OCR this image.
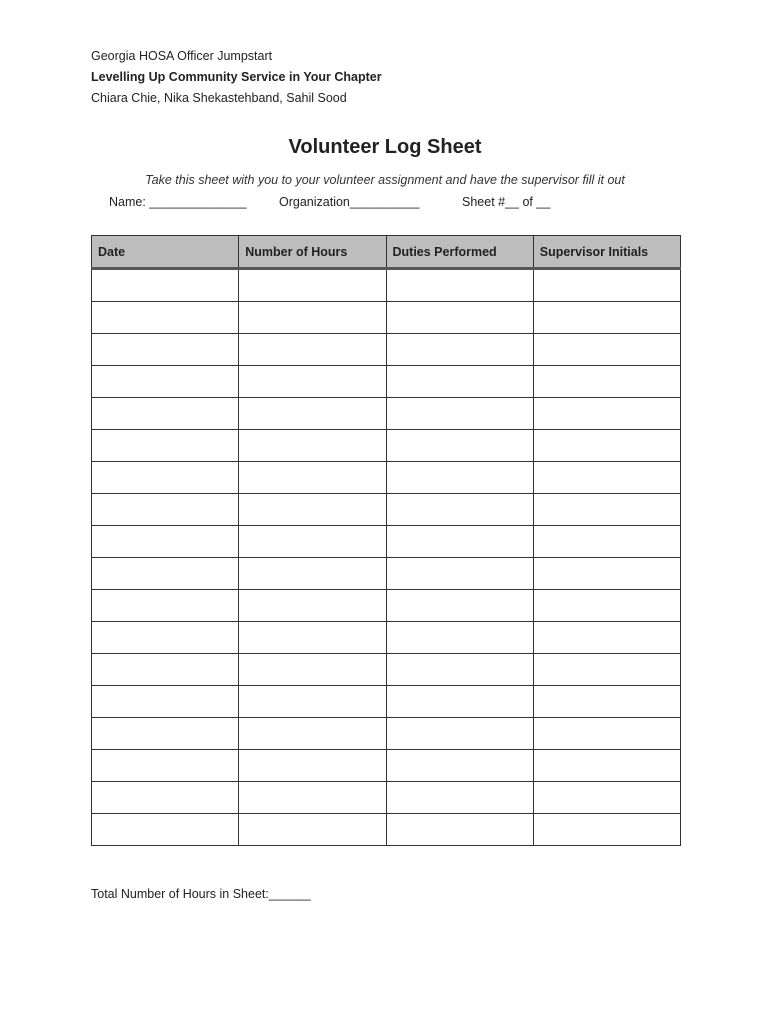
Georgia HOSA Officer Jumpstart
Levelling Up Community Service in Your Chapter
Chiara Chie, Nika Shekastehband, Sahil Sood
Volunteer Log Sheet
Take this sheet with you to your volunteer assignment and have the supervisor fill it out
Name: ______________	Organization__________	Sheet #__ of __
Date	Number of Hours	Duties Performed	Supervisor Initials

Total Number of Hours in Sheet:______
